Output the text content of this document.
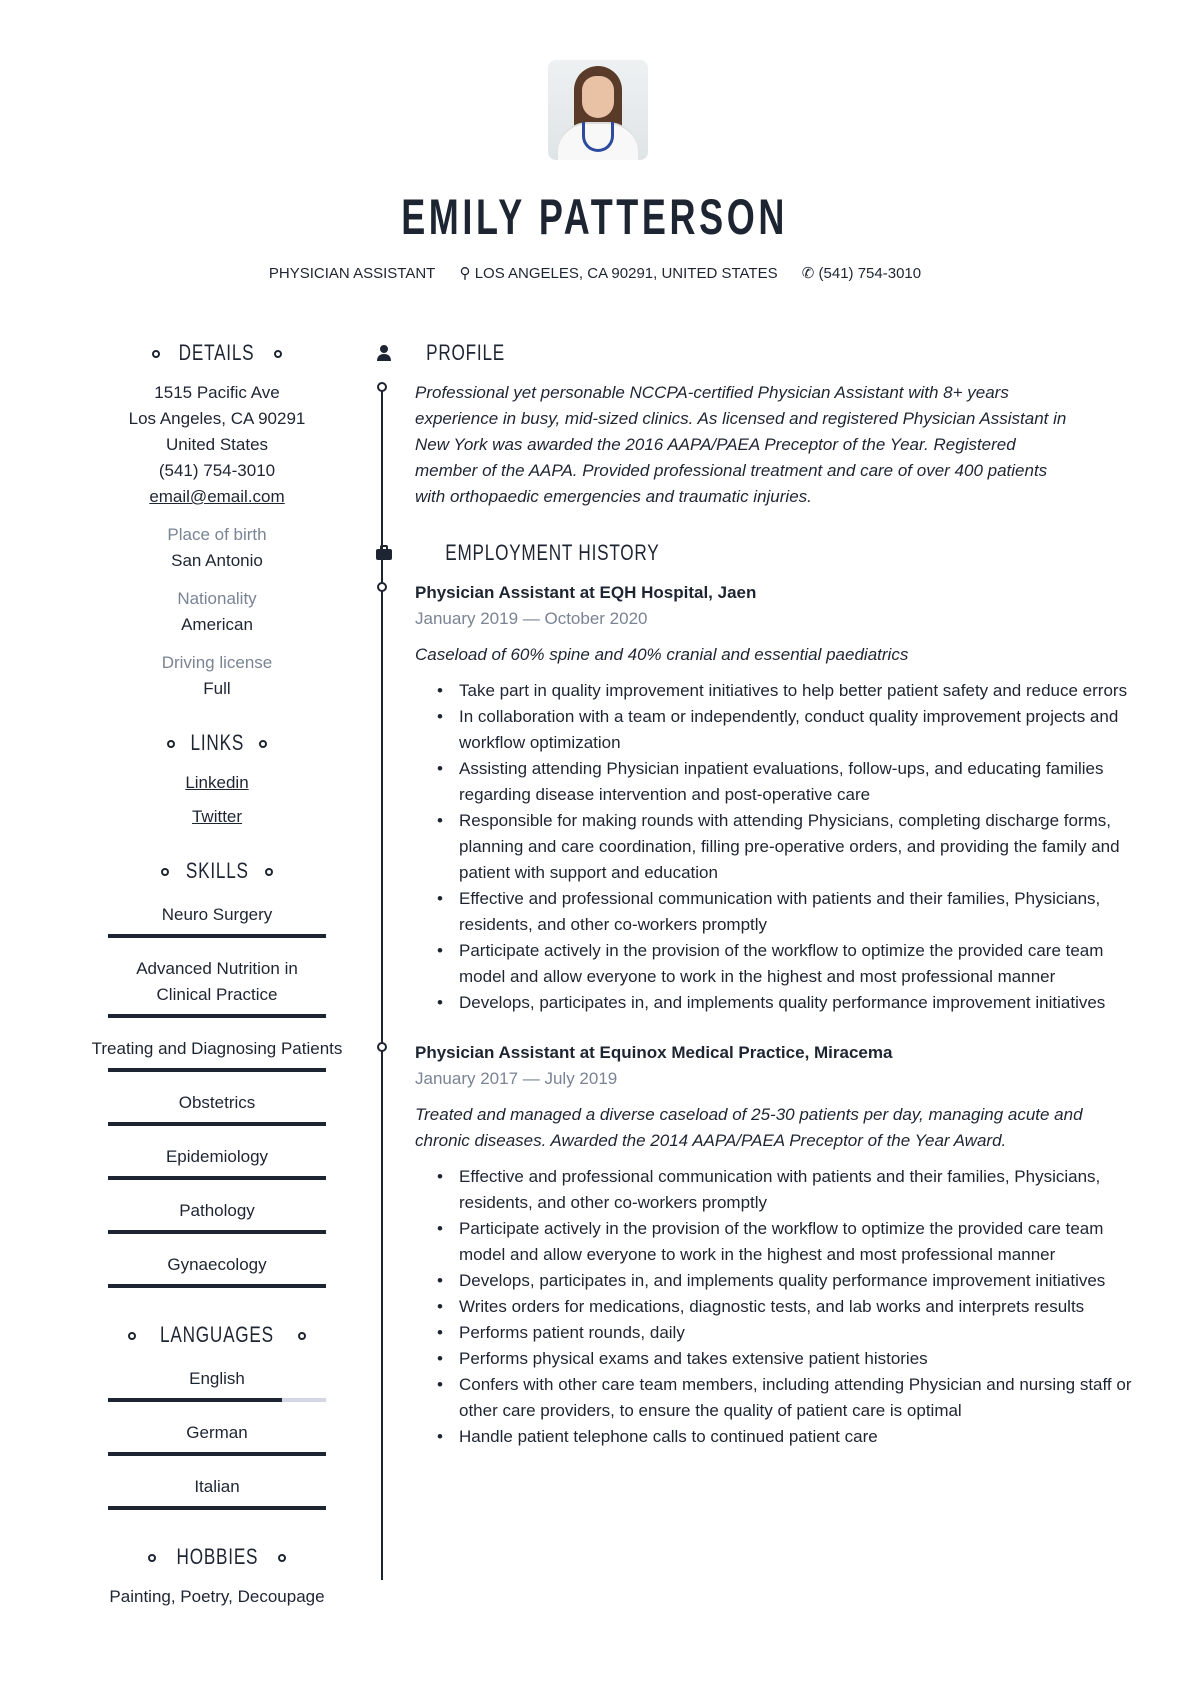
EMILY PATTERSON
PHYSICIAN ASSISTANT ⚲ LOS ANGELES, CA 90291, UNITED STATES ✆ (541) 754-3010
DETAILS
1515 Pacific Ave
Los Angeles, CA 90291
United States
(541) 754-3010
email@email.com
Place of birth
San Antonio
Nationality
American
Driving license
Full
LINKS
Linkedin
Twitter
SKILLS
Neuro Surgery
Advanced Nutrition in Clinical Practice
Treating and Diagnosing Patients
Obstetrics
Epidemiology
Pathology
Gynaecology
LANGUAGES
English
German
Italian
HOBBIES
Painting, Poetry, Decoupage
PROFILE
Professional yet personable NCCPA-certified Physician Assistant with 8+ years experience in busy, mid-sized clinics. As licensed and registered Physician Assistant in New York was awarded the 2016 AAPA/PAEA Preceptor of the Year. Registered member of the AAPA. Provided professional treatment and care of over 400 patients with orthopaedic emergencies and traumatic injuries.
EMPLOYMENT HISTORY
Physician Assistant at EQH Hospital, Jaen
January 2019 — October 2020
Caseload of 60% spine and 40% cranial and essential paediatrics
• Take part in quality improvement initiatives to help better patient safety and reduce errors
• In collaboration with a team or independently, conduct quality improvement projects and workflow optimization
• Assisting attending Physician inpatient evaluations, follow-ups, and educating families regarding disease intervention and post-operative care
• Responsible for making rounds with attending Physicians, completing discharge forms, planning and care coordination, filling pre-operative orders, and providing the family and patient with support and education
• Effective and professional communication with patients and their families, Physicians, residents, and other co-workers promptly
• Participate actively in the provision of the workflow to optimize the provided care team model and allow everyone to work in the highest and most professional manner
• Develops, participates in, and implements quality performance improvement initiatives
Physician Assistant at Equinox Medical Practice, Miracema
January 2017 — July 2019
Treated and managed a diverse caseload of 25-30 patients per day, managing acute and chronic diseases. Awarded the 2014 AAPA/PAEA Preceptor of the Year Award.
• Effective and professional communication with patients and their families, Physicians, residents, and other co-workers promptly
• Participate actively in the provision of the workflow to optimize the provided care team model and allow everyone to work in the highest and most professional manner
• Develops, participates in, and implements quality performance improvement initiatives
• Writes orders for medications, diagnostic tests, and lab works and interprets results
• Performs patient rounds, daily
• Performs physical exams and takes extensive patient histories
• Confers with other care team members, including attending Physician and nursing staff or other care providers, to ensure the quality of patient care is optimal
• Handle patient telephone calls to continued patient care
